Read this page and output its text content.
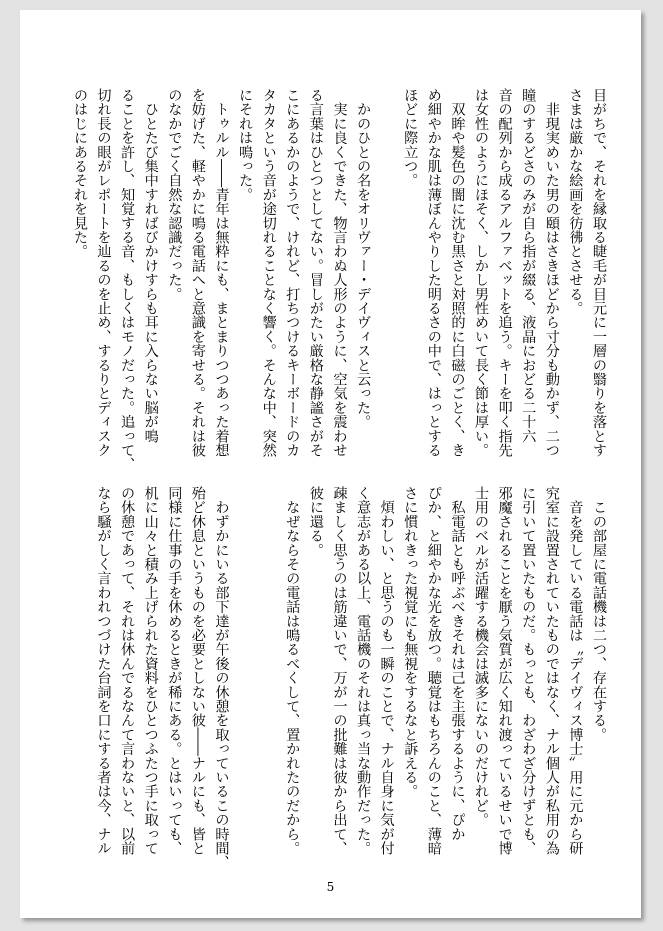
目がちで、それを縁取る睫毛が目元に一層の翳りを落とす

さまは厳かな絵画を彷彿とさせる。

　非現実めいた男の頤はさきほどから寸分も動かず、二つ

瞳のするどさのみが自ら指が綴る、液晶におどる二十六

音の配列から成るアルファベットを追う。キーを叩く指先

は女性のようにほそく、しかし男性めいて長く節は厚い。

　双眸や髪色の闇に沈む黒さと対照的に白磁のごとく、き

め細やかな肌は薄ぼんやりした明るさの中で、はっとする

ほどに際立つ。

　かのひとの名をオリヴァー・デイヴィスと云った。

　実に良くできた、物言わぬ人形のように、空気を震わせ

る言葉はひとつとしてない。冒しがたい厳格な静謐さがそ

こにあるかのようで、けれど、打ちつけるキーボードのカ

タカタという音が途切れることなく響く。そんな中、突然

にそれは鳴った。

　トゥルル――青年は無粋にも、まとまりつつあった着想

を妨げた、軽やかに鳴る電話へと意識を寄せる。それは彼

のなかでごく自然な認識だった。

　ひとたび集中すればびかけすらも耳に入らない脳が鳴

ることを許し、知覚する音、もしくはモノだった。追って、

切れ長の眼がレポートを辿るのを止め、するりとディスク

のはじにあるそれを見た。

　この部屋に電話機は二つ、存在する。

　音を発している電話は〝デイヴィス博士〟用に元から研

究室に設置されていたものではなく、ナル個人が私用の為

に引いて置いたものだ。もっとも、わざわざ分けずとも、

邪魔されることを厭う気質が広く知れ渡っているせいで博

士用のベルが活躍する機会は滅多にないのだけれど。

　私電話とも呼ぶべきそれは己を主張するように、ぴか

ぴか、と細やかな光を放つ。聴覚はもちろんのこと、薄暗

さに慣れきった視覚にも無視をするなと訴える。

　煩わしい、と思うのも一瞬のことで、ナル自身に気が付

く意志がある以上、電話機のそれは真っ当な動作だった。

疎ましく思うのは筋違いで、万が一の批難は彼から出て、

彼に還る。

　なぜならその電話は鳴るべくして、置かれたのだから。

　わずかにいる部下達が午後の休憩を取っているこの時間、

殆ど休息というものを必要としない彼――ナルにも、皆と

同様に仕事の手を休めるときが稀にある。とはいっても、

机に山々と積み上げられた資料をひとつふたつ手に取って

の休憩であって、それは休んでるなんて言わないと、以前

なら騒がしく言われつづけた台詞を口にする者は今、ナル

5
